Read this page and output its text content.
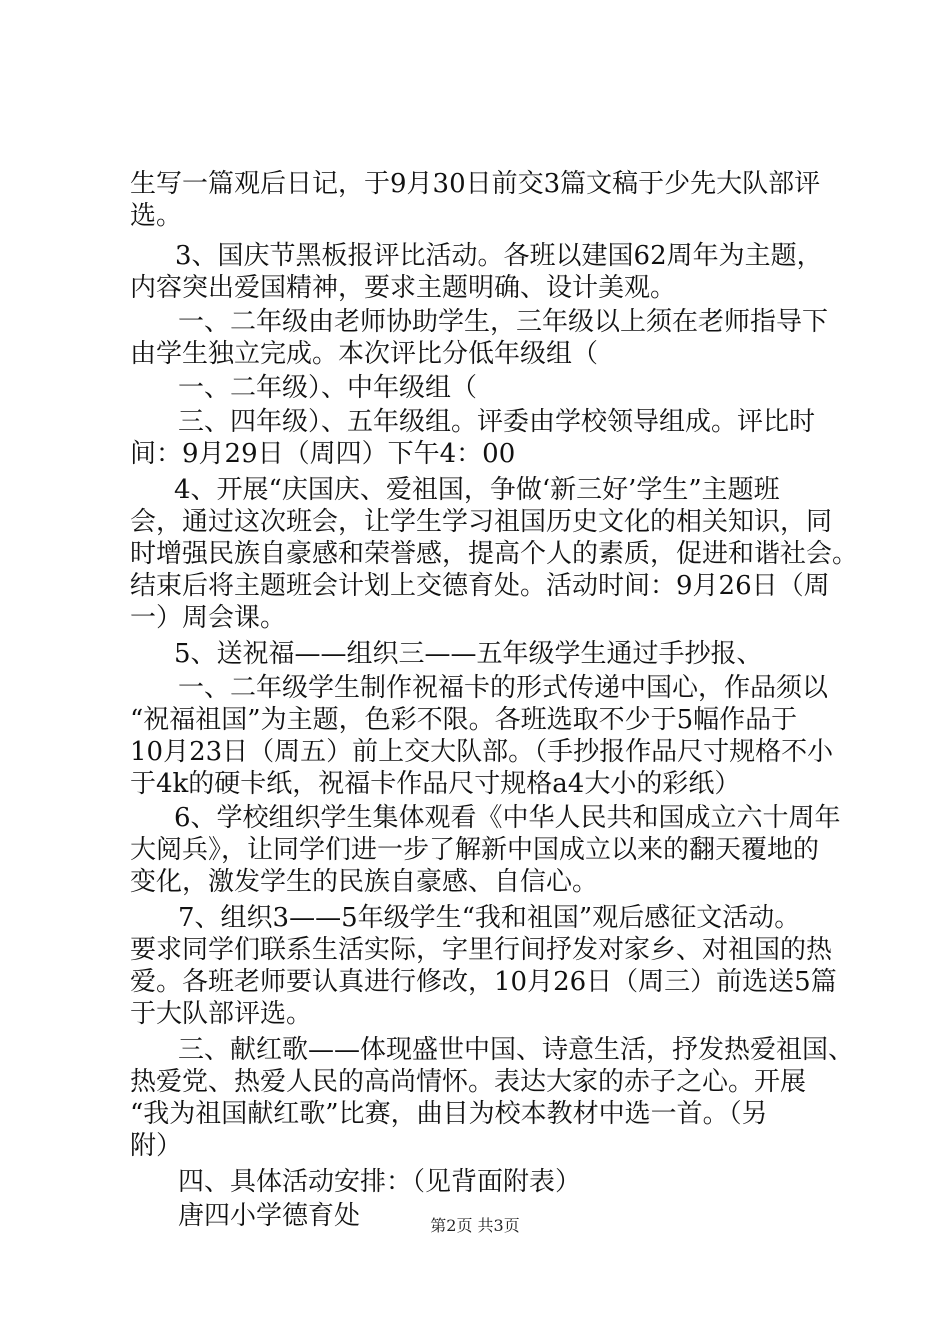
生写一篇观后日记，于9月30日前交3篇文稿于少先大队部评
选。
3、国庆节黑板报评比活动。各班以建国62周年为主题，
内容突出爱国精神，要求主题明确、设计美观。
一、二年级由老师协助学生，三年级以上须在老师指导下
由学生独立完成。本次评比分低年级组（
一、二年级）、中年级组（
三、四年级）、五年级组。评委由学校领导组成。评比时
间：9月29日（周四）下午4：00
4、开展“庆国庆、爱祖国，争做‘新三好’学生”主题班
会，通过这次班会，让学生学习祖国历史文化的相关知识，同
时增强民族自豪感和荣誉感，提高个人的素质，促进和谐社会。
结束后将主题班会计划上交德育处。活动时间：9月26日（周
一）周会课。
5、送祝福——组织三——五年级学生通过手抄报、
一、二年级学生制作祝福卡的形式传递中国心，作品须以
“祝福祖国”为主题，色彩不限。各班选取不少于5幅作品于
10月23日（周五）前上交大队部。（手抄报作品尺寸规格不小
于4k的硬卡纸，祝福卡作品尺寸规格a4大小的彩纸）
6、学校组织学生集体观看《中华人民共和国成立六十周年
大阅兵》，让同学们进一步了解新中国成立以来的翻天覆地的
变化，激发学生的民族自豪感、自信心。
7、组织3——5年级学生“我和祖国”观后感征文活动。
要求同学们联系生活实际，字里行间抒发对家乡、对祖国的热
爱。各班老师要认真进行修改，10月26日（周三）前选送5篇
于大队部评选。
三、献红歌——体现盛世中国、诗意生活，抒发热爱祖国、
热爱党、热爱人民的高尚情怀。表达大家的赤子之心。开展
“我为祖国献红歌”比赛，曲目为校本教材中选一首。（另
附）
四、具体活动安排：（见背面附表）
唐四小学德育处	第2页 共3页
